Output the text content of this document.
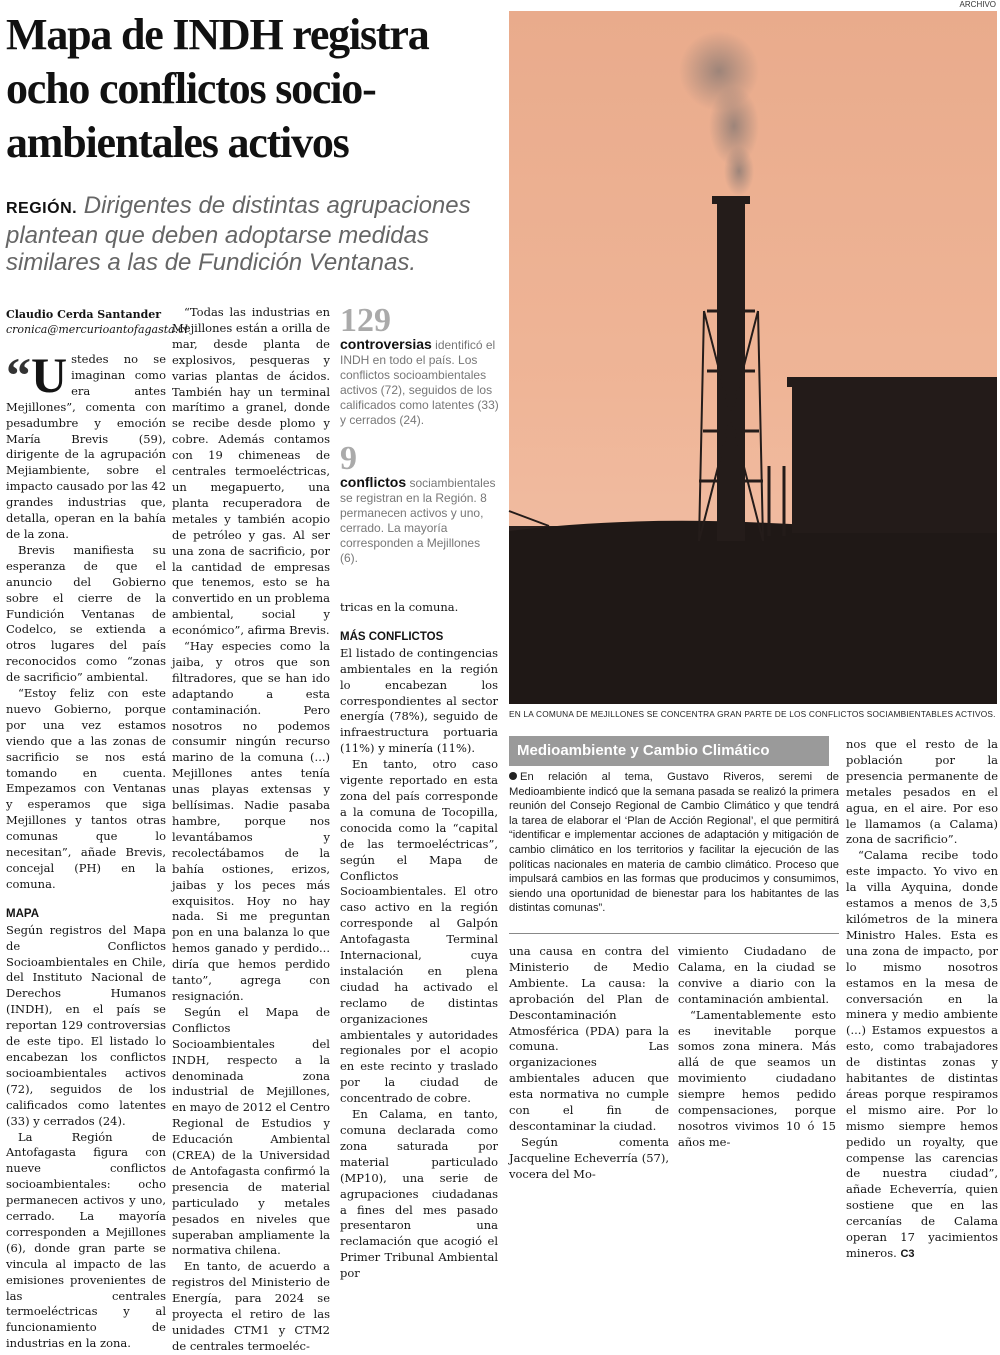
Mapa de INDH registra ocho conflictos socio-ambientales activos
REGIÓN. Dirigentes de distintas agrupaciones plantean que deben adoptarse medidas similares a las de Fundición Ventanas.
Claudio Cerda Santander
cronica@mercurioantofagasta.cl

“U stedes no se imaginan como era antes Mejillones”, comenta con pesadumbre y emoción María Brevis (59), dirigente de la agrupación Mejiambiente, sobre el impacto causado por las 42 grandes industrias que, detalla, operan en la bahía de la zona.

Brevis manifiesta su esperanza de que el anuncio del Gobierno sobre el cierre de la Fundición Ventanas de Codelco, se extienda a otros lugares del país reconocidos como “zonas de sacrificio” ambiental.

“Estoy feliz con este nuevo Gobierno, porque por una vez estamos viendo que a las zonas de sacrificio se nos está tomando en cuenta. Empezamos con Ventanas y esperamos que siga Mejillones y tantos otras comunas que lo necesitan”, añade Brevis, concejal (PH) en la comuna.

MAPA

Según registros del Mapa de Conflictos Socioambientales en Chile, del Instituto Nacional de Derechos Humanos (INDH), en el país se reportan 129 controversias de este tipo. El listado lo encabezan los conflictos socioambientales activos (72), seguidos de los calificados como latentes (33) y cerrados (24).

La Región de Antofagasta figura con nueve conflictos socioambientales: ocho permanecen activos y uno, cerrado. La mayoría corresponden a Mejillones (6), donde gran parte se vincula al impacto de las emisiones provenientes de las centrales termoeléctricas y al funcionamiento de industrias en la zona.

“Todas las industrias en Mejillones están a orilla de mar, desde planta de explosivos, pesqueras y varias plantas de ácidos. También hay un terminal marítimo a granel, donde se recibe desde plomo y cobre. Además contamos con 19 chimeneas de centrales termoeléctricas, un megapuerto, una planta recuperadora de metales y también acopio de petróleo y gas. Al ser una zona de sacrificio, por la cantidad de empresas que tenemos, esto se ha convertido en un problema ambiental, social y económico”, afirma Brevis.

“Hay especies como la jaiba, y otros que son filtradores, que se han ido adaptando a esta contaminación. Pero nosotros no podemos consumir ningún recurso marino de la comuna (...) Mejillones antes tenía unas playas extensas y bellísimas. Nadie pasaba hambre, porque nos levantábamos y recolectábamos de la bahía ostiones, erizos, jaibas y los peces más exquisitos. Hoy no hay nada. Si me preguntan pon en una balanza lo que hemos ganado y perdido... diría que hemos perdido tanto”, agrega con resignación.

Según el Mapa de Conflictos Socioambientales del INDH, respecto a la denominada zona industrial de Mejillones, en mayo de 2012 el Centro Regional de Estudios y Educación Ambiental (CREA) de la Universidad de Antofagasta confirmó la presencia de material particulado y metales pesados en niveles que superaban ampliamente la normativa chilena.

En tanto, de acuerdo a registros del Ministerio de Energía, para 2024 se proyecta el retiro de las unidades CTM1 y CTM2 de centrales termoeléc-

129
controversias identificó el INDH en todo el país. Los conflictos socioambientales activos (72), seguidos de los calificados como latentes (33) y cerrados (24).
9
conflictos sociambientales se registran en la Región. 8 permanecen activos y uno, cerrado. La mayoría corresponden a Mejillones (6).

tricas en la comuna.

MÁS CONFLICTOS

El listado de contingencias ambientales en la región lo encabezan los correspondientes al sector energía (78%), seguido de infraestructura portuaria (11%) y minería (11%).

En tanto, otro caso vigente reportado en esta zona del país corresponde a la comuna de Tocopilla, conocida como la “capital de las termoeléctricas”, según el Mapa de Conflictos Socioambientales. El otro caso activo en la región corresponde al Galpón Antofagasta Terminal Internacional, cuya instalación en plena ciudad ha activado el reclamo de distintas organizaciones ambientales y autoridades regionales por el acopio en este recinto y traslado por la ciudad de concentrado de cobre.

En Calama, en tanto, comuna declarada como zona saturada por material particulado (MP10), una serie de agrupaciones ciudadanas a fines del mes pasado presentaron una reclamación que acogió el Primer Tribunal Ambiental por

ARCHIVO
EN LA COMUNA DE MEJILLONES SE CONCENTRA GRAN PARTE DE LOS CONFLICTOS SOCIAMBIENTABLES ACTIVOS.
Medioambiente y Cambio Climático
En relación al tema, Gustavo Riveros, seremi de Medioambiente indicó que la semana pasada se realizó la primera reunión del Consejo Regional de Cambio Climático y que tendrá la tarea de elaborar el ‘Plan de Acción Regional’, el que permitirá “identificar e implementar acciones de adaptación y mitigación de cambio climático en los territorios y facilitar la ejecución de las políticas nacionales en materia de cambio climático. Proceso que impulsará cambios en las formas que producimos y consumimos, siendo una oportunidad de bienestar para los habitantes de las distintas comunas”.

una causa en contra del Ministerio de Medio Ambiente. La causa: la aprobación del Plan de Descontaminación Atmosférica (PDA) para la comuna. Las organizaciones ambientales aducen que esta normativa no cumple con el fin de descontaminar la ciudad.

Según comenta Jacqueline Echeverría (57), vocera del Mo-

vimiento Ciudadano de Calama, en la ciudad se convive a diario con la contaminación ambiental.

“Lamentablemente esto es inevitable porque somos zona minera. Más allá de que seamos un movimiento ciudadano siempre hemos pedido compensaciones, porque nosotros vivimos 10 ó 15 años me-

nos que el resto de la población por la presencia permanente de metales pesados en el agua, en el aire. Por eso le llamamos (a Calama) zona de sacrificio”.

“Calama recibe todo este impacto. Yo vivo en la villa Ayquina, donde estamos a menos de 3,5 kilómetros de la minera Ministro Hales. Esta es una zona de impacto, por lo mismo nosotros estamos en la mesa de conversación en la minera y medio ambiente (...) Estamos expuestos a esto, como trabajadores de distintas zonas y habitantes de distintas áreas porque respiramos el mismo aire. Por lo mismo siempre hemos pedido un royalty, que compense las carencias de nuestra ciudad”, añade Echeverría, quien sostiene que en las cercanías de Calama operan 17 yacimientos mineros. C3
